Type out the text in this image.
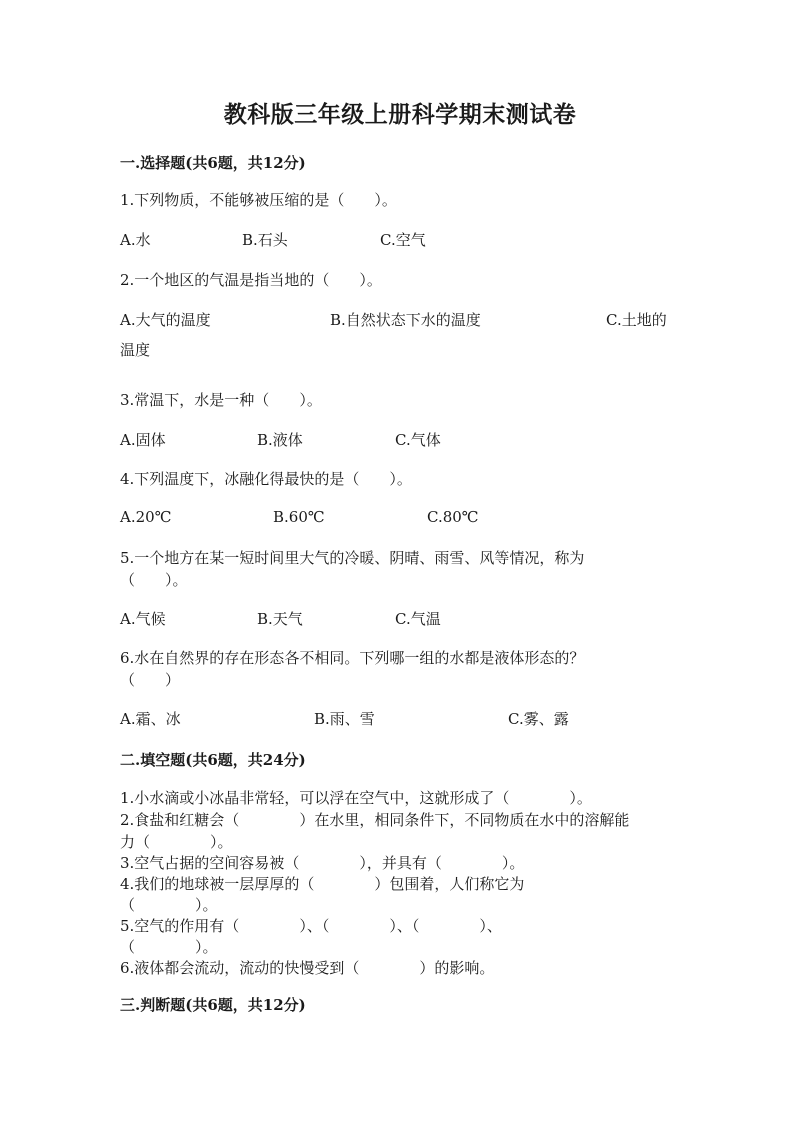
教科版三年级上册科学期末测试卷
一.选择题(共6题，共12分)
1.下列物质，不能够被压缩的是（　　）。
A.水	B.石头	C.空气
2.一个地区的气温是指当地的（　　）。
A.大气的温度	B.自然状态下水的温度	C.土地的
温度
3.常温下，水是一种（　　）。
A.固体	B.液体	C.气体
4.下列温度下，冰融化得最快的是（　　）。
A.20℃	B.60℃	C.80℃
5.一个地方在某一短时间里大气的冷暖、阴晴、雨雪、风等情况，称为
（　　）。
A.气候	B.天气	C.气温
6.水在自然界的存在形态各不相同。下列哪一组的水都是液体形态的？
（　　）
A.霜、冰	B.雨、雪	C.雾、露
二.填空题(共6题，共24分)
1.小水滴或小冰晶非常轻，可以浮在空气中，这就形成了（　　　　）。
2.食盐和红糖会（　　　　）在水里，相同条件下，不同物质在水中的溶解能
力（　　　　）。
3.空气占据的空间容易被（　　　　），并具有（　　　　）。
4.我们的地球被一层厚厚的（　　　　）包围着，人们称它为
（　　　　）。
5.空气的作用有（　　　　）、（　　　　）、（　　　　）、
（　　　　）。
6.液体都会流动，流动的快慢受到（　　　　）的影响。
三.判断题(共6题，共12分)
